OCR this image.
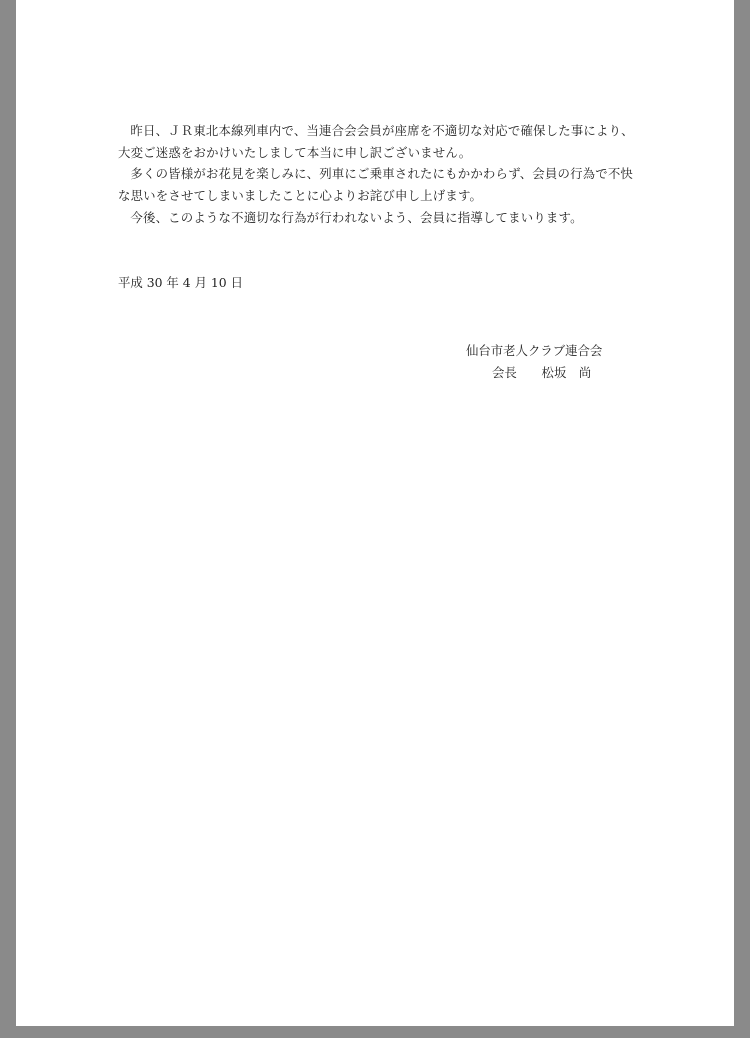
昨日、ＪＲ東北本線列車内で、当連合会会員が座席を不適切な対応で確保した事により、大変ご迷惑をおかけいたしまして本当に申し訳ございません。

多くの皆様がお花見を楽しみに、列車にご乗車されたにもかかわらず、会員の行為で不快な思いをさせてしまいましたことに心よりお詫び申し上げます。

今後、このような不適切な行為が行われないよう、会員に指導してまいります。

平成 30 年 4 月 10 日
仙台市老人クラブ連合会
会長　　松坂　尚
